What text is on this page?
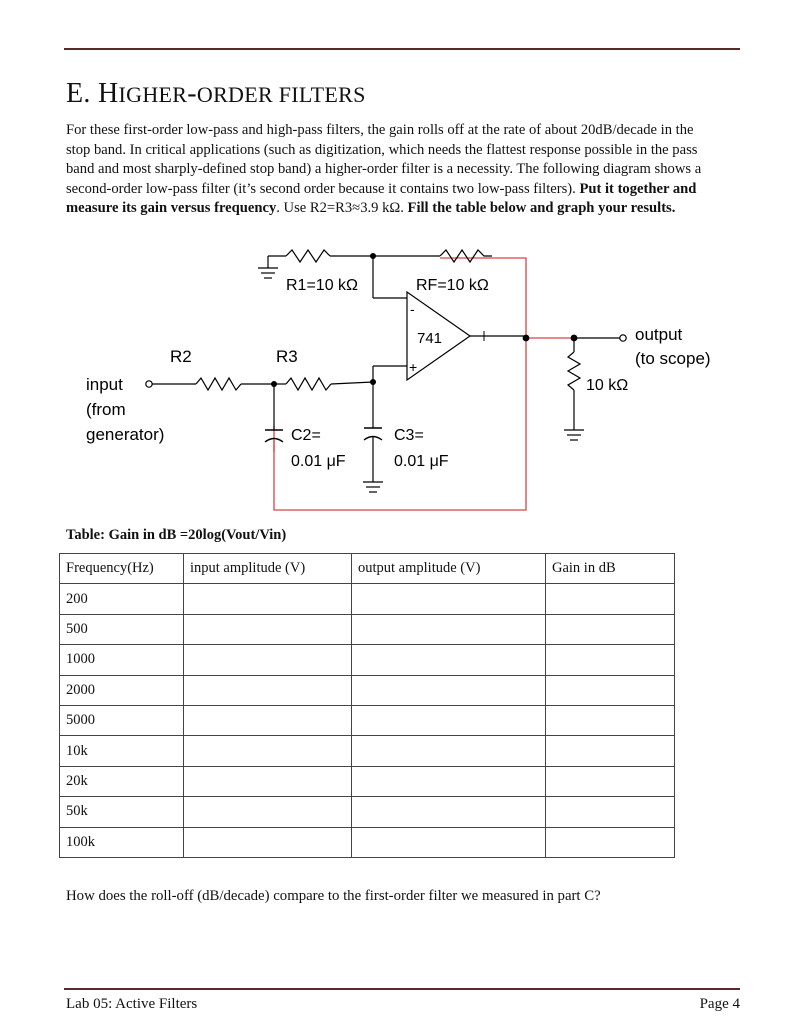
E. HIGHER-ORDER FILTERS
For these first-order low-pass and high-pass filters, the gain rolls off at the rate of about 20dB/decade in the stop band. In critical applications (such as digitization, which needs the flattest response possible in the pass band and most sharply-defined stop band) a higher-order filter is a necessity. The following diagram shows a second-order low-pass filter (it’s second order because it contains two low-pass filters). Put it together and measure its gain versus frequency. Use R2=R3≈3.9 kΩ. Fill the table below and graph your results.
R1=10 kΩ	RF=10 kΩ
741
-
+
output
(to scope)
10 kΩ
R2	R3
input
(from
generator)	C2=
0.01 μF
C3=
0.01 μF
Table: Gain in dB =20log(Vout/Vin)
Frequency(Hz)	input amplitude (V)	output amplitude (V)	Gain in dB
200			
500			
1000			
2000			
5000			
10k			
20k			
50k			
100k			
How does the roll-off (dB/decade) compare to the first-order filter we measured in part C?
Lab 05: Active Filters	Page 4
